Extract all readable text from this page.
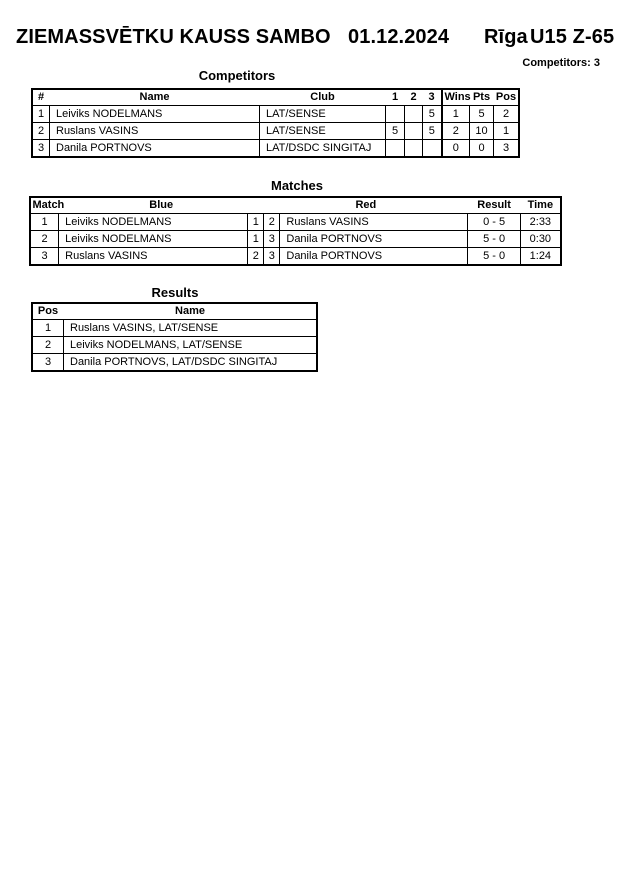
ZIEMASSVĒTKU KAUSS SAMBO 01.12.2024 Rīga U15 Z-65
Competitors: 3
Competitors
#	Name	Club	1	2	3	Wins	Pts	Pos
1	Leiviks NODELMANS	LAT/SENSE			5	1	5	2
2	Ruslans VASINS	LAT/SENSE	5		5	2	10	1
3	Danila PORTNOVS	LAT/DSDC SINGITAJ				0	0	3
Matches
Match	Blue		Red		Result	Time
1	Leiviks NODELMANS	1	2	Ruslans VASINS	0 - 5	2:33
2	Leiviks NODELMANS	1	3	Danila PORTNOVS	5 - 0	0:30
3	Ruslans VASINS	2	3	Danila PORTNOVS	5 - 0	1:24
Results
Pos	Name
1	Ruslans VASINS, LAT/SENSE
2	Leiviks NODELMANS, LAT/SENSE
3	Danila PORTNOVS, LAT/DSDC SINGITAJ
